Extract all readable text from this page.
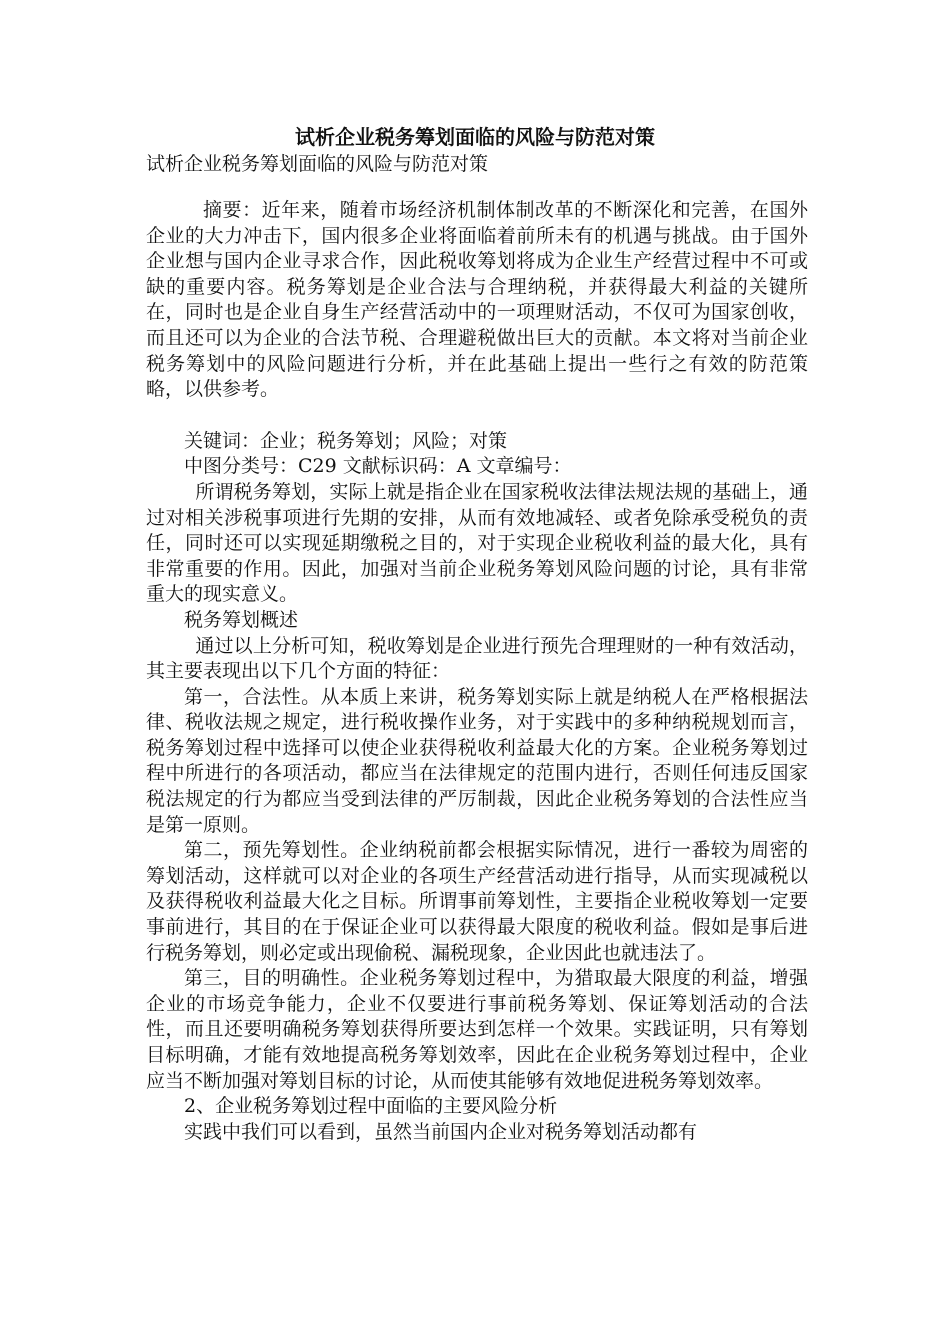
试析企业税务筹划面临的风险与防范对策
试析企业税务筹划面临的风险与防范对策

摘要：近年来，随着市场经济机制体制改革的不断深化和完善，在国外企业的大力冲击下，国内很多企业将面临着前所未有的机遇与挑战。由于国外企业想与国内企业寻求合作，因此税收筹划将成为企业生产经营过程中不可或缺的重要内容。税务筹划是企业合法与合理纳税，并获得最大利益的关键所在，同时也是企业自身生产经营活动中的一项理财活动，不仅可为国家创收，而且还可以为企业的合法节税、合理避税做出巨大的贡献。本文将对当前企业税务筹划中的风险问题进行分析，并在此基础上提出一些行之有效的防范策略，以供参考。

关键词：企业；税务筹划；风险；对策

中图分类号：C29 文献标识码：A 文章编号：

所谓税务筹划，实际上就是指企业在国家税收法律法规法规的基础上，通过对相关涉税事项进行先期的安排，从而有效地减轻、或者免除承受税负的责任，同时还可以实现延期缴税之目的，对于实现企业税收利益的最大化，具有非常重要的作用。因此，加强对当前企业税务筹划风险问题的讨论，具有非常重大的现实意义。

税务筹划概述

通过以上分析可知，税收筹划是企业进行预先合理理财的一种有效活动，其主要表现出以下几个方面的特征：

第一，合法性。从本质上来讲，税务筹划实际上就是纳税人在严格根据法律、税收法规之规定，进行税收操作业务，对于实践中的多种纳税规划而言，税务筹划过程中选择可以使企业获得税收利益最大化的方案。企业税务筹划过程中所进行的各项活动，都应当在法律规定的范围内进行，否则任何违反国家税法规定的行为都应当受到法律的严厉制裁，因此企业税务筹划的合法性应当是第一原则。

第二，预先筹划性。企业纳税前都会根据实际情况，进行一番较为周密的筹划活动，这样就可以对企业的各项生产经营活动进行指导，从而实现减税以及获得税收利益最大化之目标。所谓事前筹划性，主要指企业税收筹划一定要事前进行，其目的在于保证企业可以获得最大限度的税收利益。假如是事后进行税务筹划，则必定或出现偷税、漏税现象，企业因此也就违法了。

第三，目的明确性。企业税务筹划过程中，为猎取最大限度的利益，增强企业的市场竞争能力，企业不仅要进行事前税务筹划、保证筹划活动的合法性，而且还要明确税务筹划获得所要达到怎样一个效果。实践证明，只有筹划目标明确，才能有效地提高税务筹划效率，因此在企业税务筹划过程中，企业应当不断加强对筹划目标的讨论，从而使其能够有效地促进税务筹划效率。

2、企业税务筹划过程中面临的主要风险分析

实践中我们可以看到，虽然当前国内企业对税务筹划活动都有
